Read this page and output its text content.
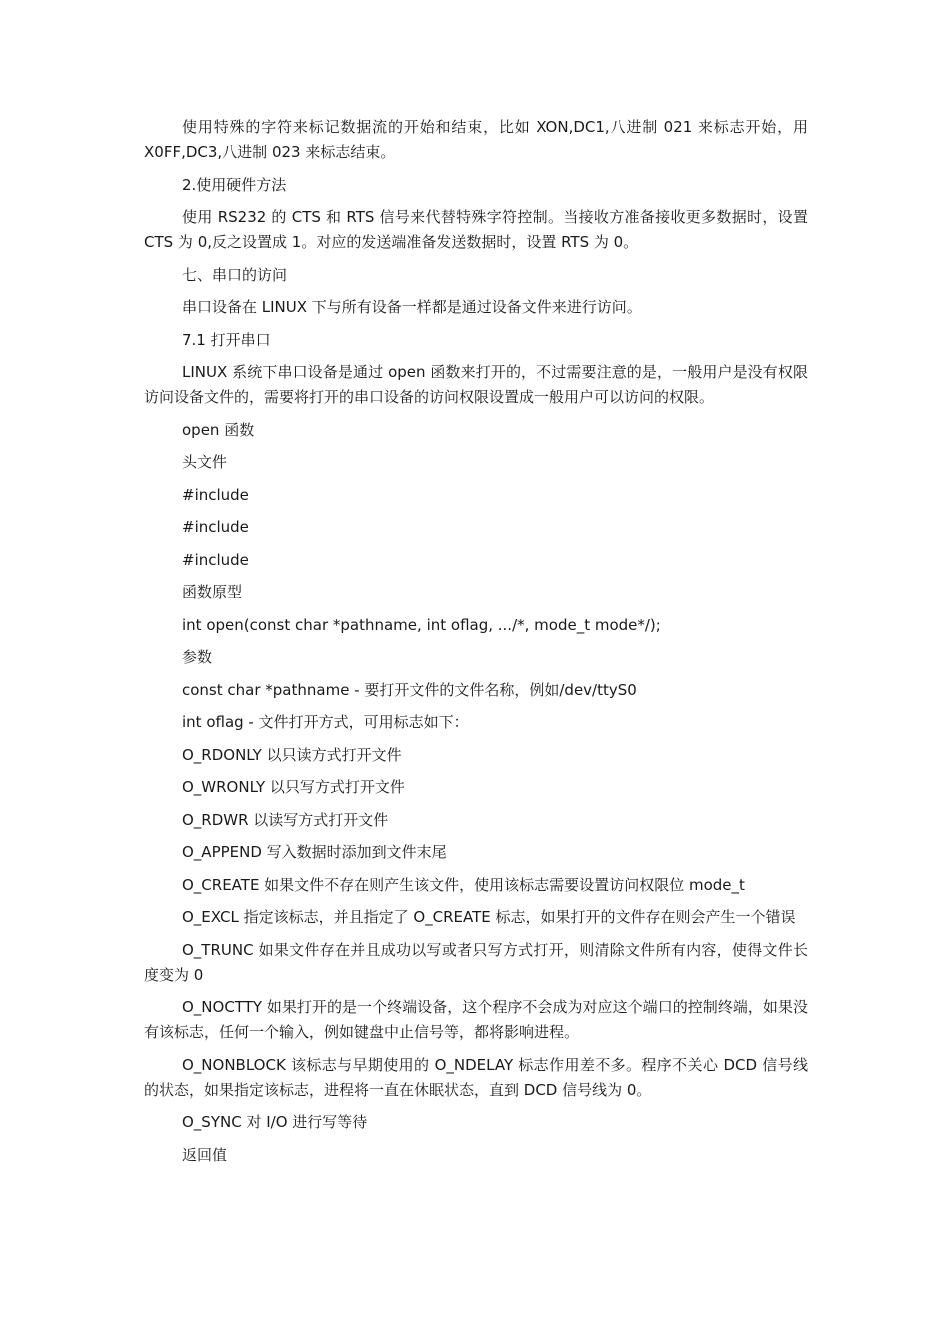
使用特殊的字符来标记数据流的开始和结束，比如 XON,DC1,八进制 021 来标志开始，用 X0FF,DC3,八进制 023 来标志结束。

2.使用硬件方法

使用 RS232 的 CTS 和 RTS 信号来代替特殊字符控制。当接收方准备接收更多数据时，设置 CTS 为 0,反之设置成 1。对应的发送端准备发送数据时，设置 RTS 为 0。

七、串口的访问

串口设备在 LINUX 下与所有设备一样都是通过设备文件来进行访问。

7.1 打开串口

LINUX 系统下串口设备是通过 open 函数来打开的，不过需要注意的是，一般用户是没有权限访问设备文件的，需要将打开的串口设备的访问权限设置成一般用户可以访问的权限。

open 函数

头文件

#include

#include

#include

函数原型

int open(const char *pathname, int oflag, .../*, mode_t mode*/);

参数

const char *pathname - 要打开文件的文件名称，例如/dev/ttyS0

int oflag - 文件打开方式，可用标志如下：

O_RDONLY 以只读方式打开文件

O_WRONLY 以只写方式打开文件

O_RDWR 以读写方式打开文件

O_APPEND 写入数据时添加到文件末尾

O_CREATE 如果文件不存在则产生该文件，使用该标志需要设置访问权限位 mode_t

O_EXCL 指定该标志，并且指定了 O_CREATE 标志，如果打开的文件存在则会产生一个错误

O_TRUNC 如果文件存在并且成功以写或者只写方式打开，则清除文件所有内容，使得文件长度变为 0

O_NOCTTY 如果打开的是一个终端设备，这个程序不会成为对应这个端口的控制终端，如果没有该标志，任何一个输入，例如键盘中止信号等，都将影响进程。

O_NONBLOCK 该标志与早期使用的 O_NDELAY 标志作用差不多。程序不关心 DCD 信号线的状态，如果指定该标志，进程将一直在休眠状态，直到 DCD 信号线为 0。

O_SYNC 对 I/O 进行写等待

返回值
